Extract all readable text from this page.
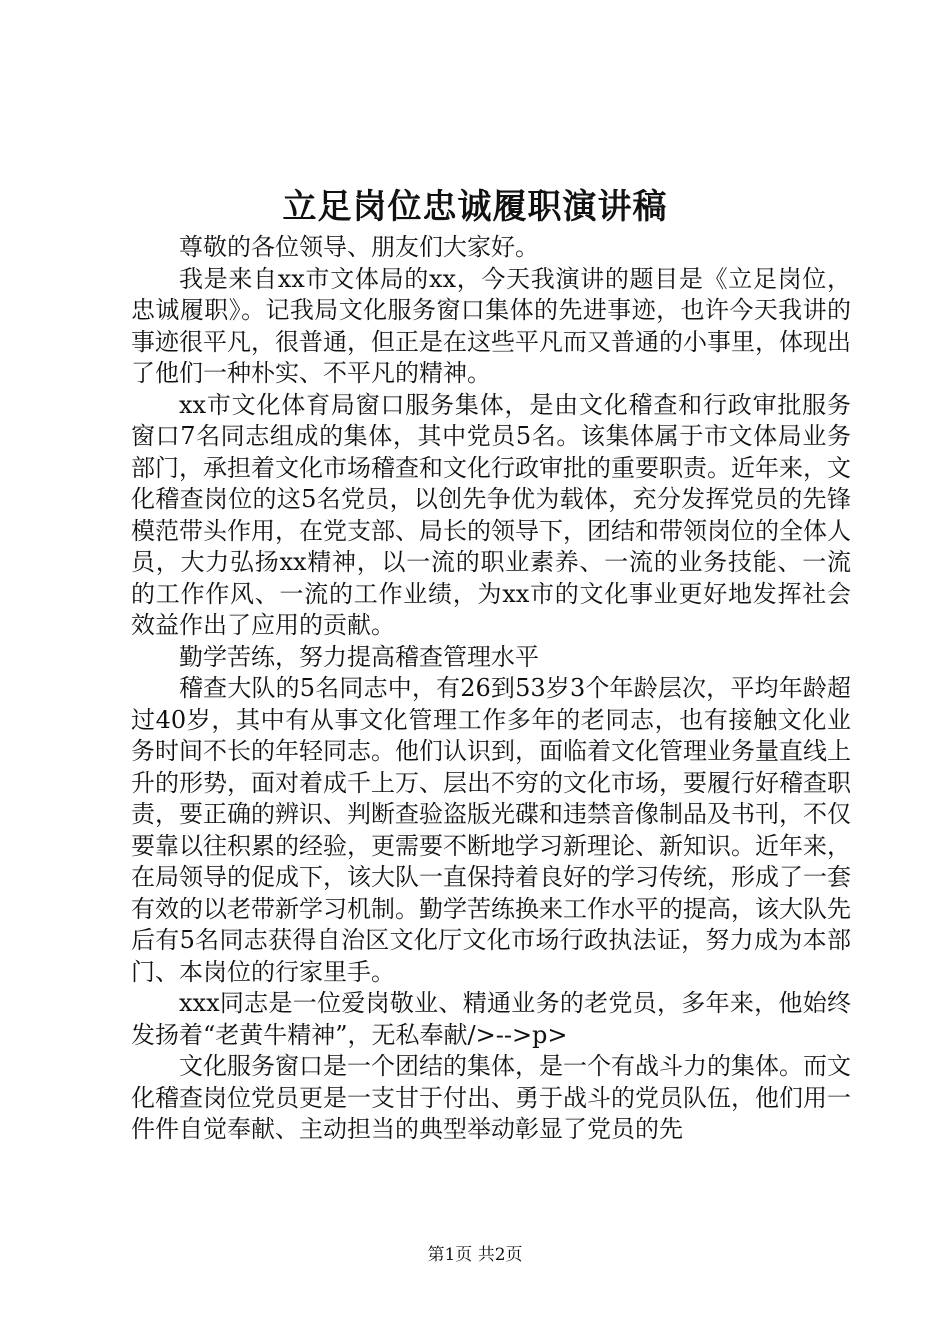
立足岗位忠诚履职演讲稿

尊敬的各位领导、朋友们大家好。

我是来自xx市文体局的xx，今天我演讲的题目是《立足岗位，忠诚履职》。记我局文化服务窗口集体的先进事迹，也许今天我讲的事迹很平凡，很普通，但正是在这些平凡而又普通的小事里，体现出了他们一种朴实、不平凡的精神。

xx市文化体育局窗口服务集体，是由文化稽查和行政审批服务窗口7名同志组成的集体，其中党员5名。该集体属于市文体局业务部门，承担着文化市场稽查和文化行政审批的重要职责。近年来，文化稽查岗位的这5名党员，以创先争优为载体，充分发挥党员的先锋模范带头作用，在党支部、局长的领导下，团结和带领岗位的全体人员，大力弘扬xx精神，以一流的职业素养、一流的业务技能、一流的工作作风、一流的工作业绩，为xx市的文化事业更好地发挥社会效益作出了应用的贡献。

勤学苦练，努力提高稽查管理水平

稽查大队的5名同志中，有26到53岁3个年龄层次，平均年龄超过40岁，其中有从事文化管理工作多年的老同志，也有接触文化业务时间不长的年轻同志。他们认识到，面临着文化管理业务量直线上升的形势，面对着成千上万、层出不穷的文化市场，要履行好稽查职责，要正确的辨识、判断查验盗版光碟和违禁音像制品及书刊，不仅要靠以往积累的经验，更需要不断地学习新理论、新知识。近年来，在局领导的促成下，该大队一直保持着良好的学习传统，形成了一套有效的以老带新学习机制。勤学苦练换来工作水平的提高，该大队先后有5名同志获得自治区文化厅文化市场行政执法证，努力成为本部门、本岗位的行家里手。

xxx同志是一位爱岗敬业、精通业务的老党员，多年来，他始终发扬着“老黄牛精神”，无私奉献/>-->p>

文化服务窗口是一个团结的集体，是一个有战斗力的集体。而文化稽查岗位党员更是一支甘于付出、勇于战斗的党员队伍，他们用一件件自觉奉献、主动担当的典型举动彰显了党员的先

第1页 共2页
